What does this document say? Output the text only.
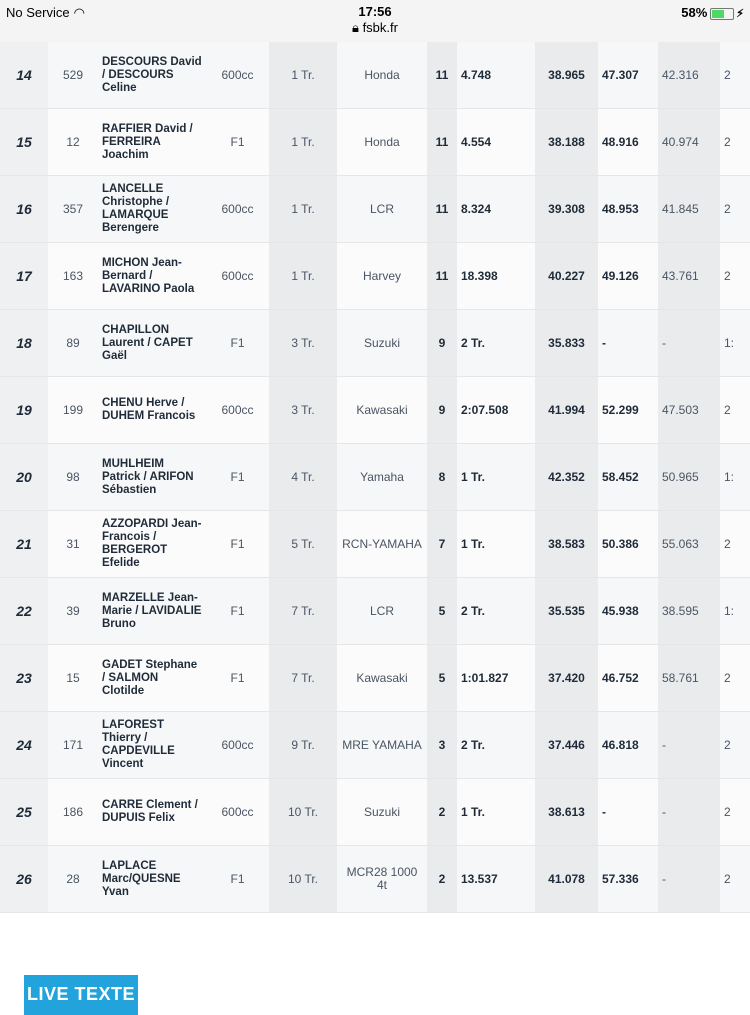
No Service ◠	17:56
🔒︎ fsbk.fr
58%	⚡︎
14	529	DESCOURS David / DESCOURS Celine	600cc	1 Tr.	Honda	11	4.748	38.965	47.307	42.316	2
15	12	RAFFIER David / FERREIRA Joachim	F1	1 Tr.	Honda	11	4.554	38.188	48.916	40.974	2
16	357	LANCELLE Christophe / LAMARQUE Berengere	600cc	1 Tr.	LCR	11	8.324	39.308	48.953	41.845	2
17	163	MICHON Jean-Bernard / LAVARINO Paola	600cc	1 Tr.	Harvey	11	18.398	40.227	49.126	43.761	2
18	89	CHAPILLON Laurent / CAPET Gaël	F1	3 Tr.	Suzuki	9	2 Tr.	35.833	-	-	1:
19	199	CHENU Herve / DUHEM Francois	600cc	3 Tr.	Kawasaki	9	2:07.508	41.994	52.299	47.503	2
20	98	MUHLHEIM Patrick / ARIFON Sébastien	F1	4 Tr.	Yamaha	8	1 Tr.	42.352	58.452	50.965	1:
21	31	AZZOPARDI Jean-Francois / BERGEROT Efelide	F1	5 Tr.	RCN-YAMAHA	7	1 Tr.	38.583	50.386	55.063	2
22	39	MARZELLE Jean-Marie / LAVIDALIE Bruno	F1	7 Tr.	LCR	5	2 Tr.	35.535	45.938	38.595	1:
23	15	GADET Stephane / SALMON Clotilde	F1	7 Tr.	Kawasaki	5	1:01.827	37.420	46.752	58.761	2
24	171	LAFOREST Thierry / CAPDEVILLE Vincent	600cc	9 Tr.	MRE YAMAHA	3	2 Tr.	37.446	46.818	-	2
25	186	CARRE Clement / DUPUIS Felix	600cc	10 Tr.	Suzuki	2	1 Tr.	38.613	-	-	2
26	28	LAPLACE Marc/QUESNE Yvan	F1	10 Tr.	MCR28 1000 4t	2	13.537	41.078	57.336	-	2
LIVE TEXTE
